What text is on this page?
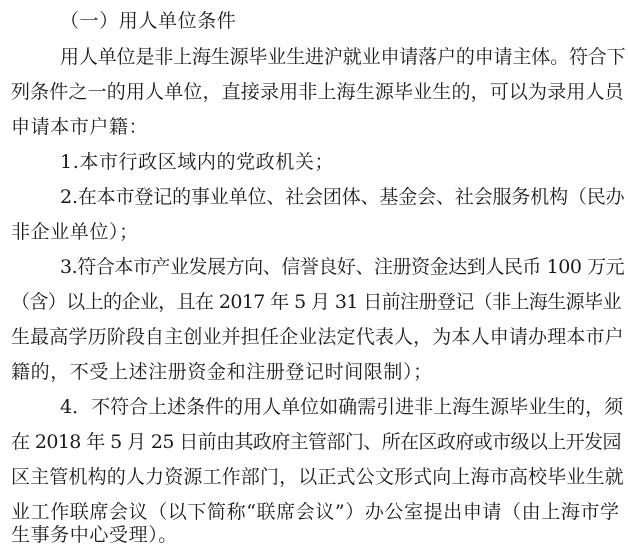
（一）用人单位条件
用人单位是非上海生源毕业生进沪就业申请落户的申请主体。符合下
列条件之一的用人单位，直接录用非上海生源毕业生的，可以为录用人员
申请本市户籍：
1.本市行政区域内的党政机关；
2.在本市登记的事业单位、社会团体、基金会、社会服务机构（民办
非企业单位）；
3.符合本市产业发展方向、信誉良好、注册资金达到人民币 100 万元
（含）以上的企业，且在 2017 年 5 月 31 日前注册登记（非上海生源毕业
生最高学历阶段自主创业并担任企业法定代表人，为本人申请办理本市户
籍的，不受上述注册资金和注册登记时间限制）；
4．不符合上述条件的用人单位如确需引进非上海生源毕业生的，须
在 2018 年 5 月 25 日前由其政府主管部门、所在区政府或市级以上开发园
区主管机构的人力资源工作部门，以正式公文形式向上海市高校毕业生就
业工作联席会议（以下简称“联席会议”）办公室提出申请（由上海市学
生事务中心受理）。
